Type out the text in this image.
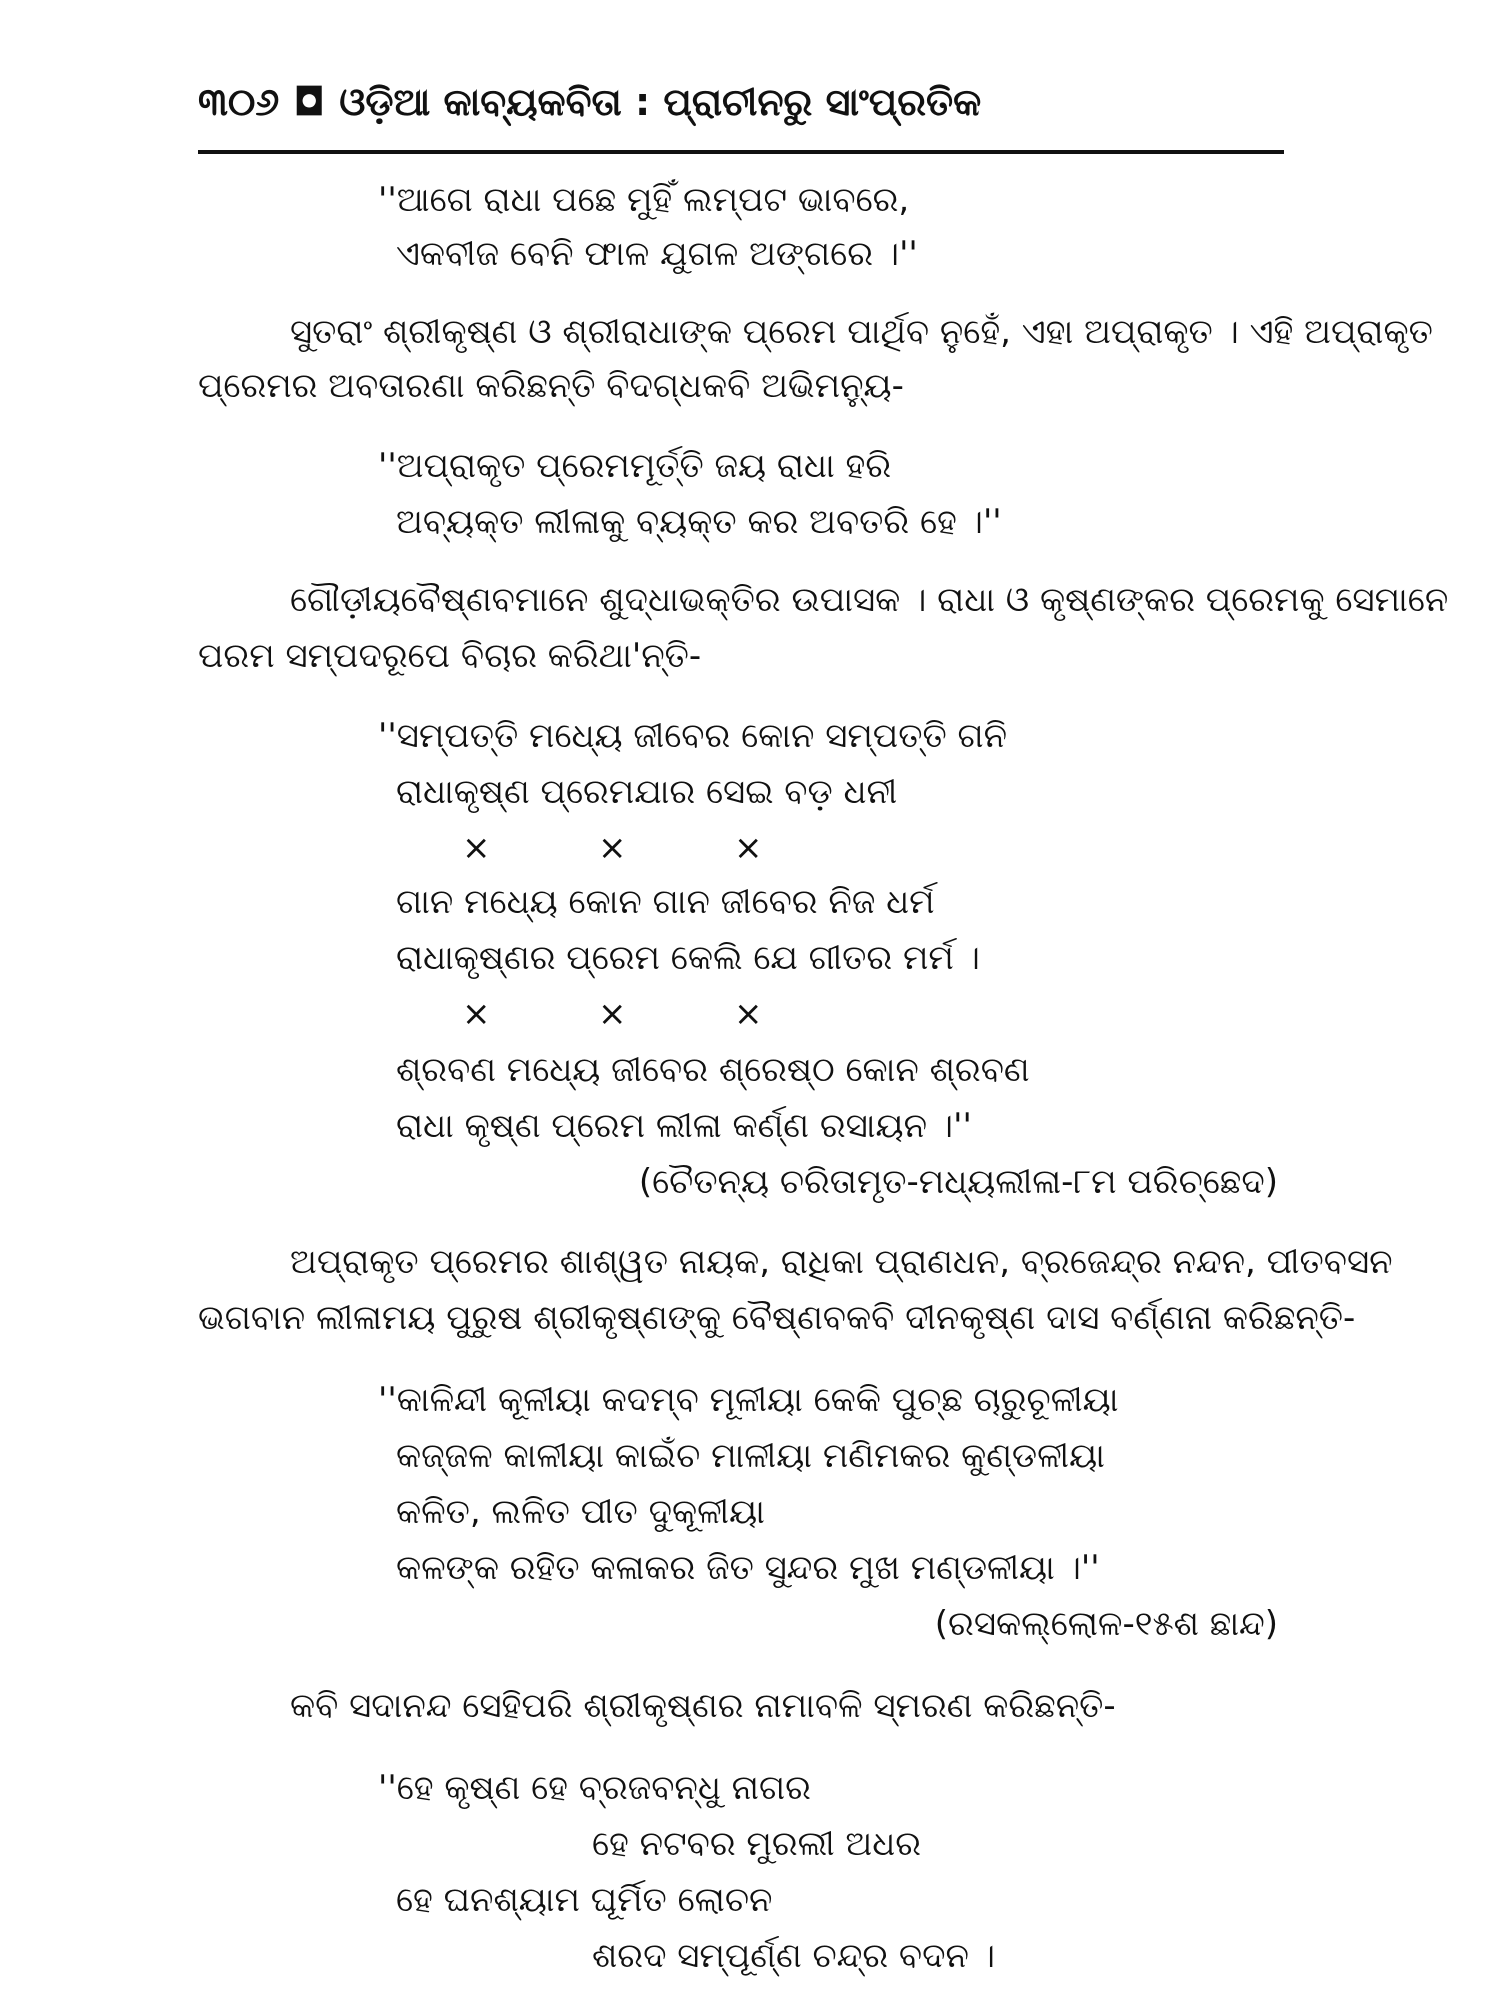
୩୦୬ ◘ ଓଡ଼ିଆ କାବ୍ୟକବିତା : ପ୍ରାଚୀନରୁ ସାଂପ୍ରତିକ
''ଆଗେ ରାଧା ପଛେ ମୁହିଁ ଲମ୍ପଟ ଭାବରେ,
ଏକବୀଜ ବେନି ଫାଳ ଯୁଗଳ ଅଙ୍ଗରେ ।''
ସୁତରାଂ ଶ୍ରୀକୃଷ୍ଣ ଓ ଶ୍ରୀରାଧାଙ୍କ ପ୍ରେମ ପାର୍ଥିବ ନୁହେଁ, ଏହା ଅପ୍ରାକୃତ । ଏହି ଅପ୍ରାକୃତ
ପ୍ରେମର ଅବତାରଣା କରିଛନ୍ତି ବିଦଗ୍ଧକବି ଅଭିମନ୍ୟୁ-
''ଅପ୍ରାକୃତ ପ୍ରେମମୂର୍ତ୍ତି ଜୟ ରାଧା ହରି
ଅବ୍ୟକ୍ତ ଲୀଳାକୁ ବ୍ୟକ୍ତ କର ଅବତରି ହେ ।''
ଗୌଡ଼ୀୟବୈଷ୍ଣବମାନେ ଶୁଦ୍ଧାଭକ୍ତିର ଉପାସକ । ରାଧା ଓ କୃଷ୍ଣଙ୍କର ପ୍ରେମକୁ ସେମାନେ
ପରମ ସମ୍ପଦରୂପେ ବିଚାର କରିଥା'ନ୍ତି-
''ସମ୍ପତ୍ତି ମଧ୍ୟେ ଜୀବେର କୋନ ସମ୍ପତ୍ତି ଗନି
ରାଧାକୃଷ୍ଣ ପ୍ରେମଯାର ସେଇ ବଡ଼ ଧନୀ
×	×	×
ଗାନ ମଧ୍ୟେ କୋନ ଗାନ ଜୀବେର ନିଜ ଧର୍ମ
ରାଧାକୃଷ୍ଣର ପ୍ରେମ କେଲି ଯେ ଗୀତର ମର୍ମ ।
×	×	×
ଶ୍ରବଣ ମଧ୍ୟେ ଜୀବେର ଶ୍ରେଷ୍ଠ କୋନ ଶ୍ରବଣ
ରାଧା କୃଷ୍ଣ ପ୍ରେମ ଲୀଳା କର୍ଣ୍ଣ ରସାୟନ ।''
(ଚୈତନ୍ୟ ଚରିତାମୃତ-ମଧ୍ୟଲୀଳା-୮ମ ପରିଚ୍ଛେଦ)
ଅପ୍ରାକୃତ ପ୍ରେମର ଶାଶ୍ୱତ ନାୟକ, ରାଧିକା ପ୍ରାଣଧନ, ବ୍ରଜେନ୍ଦ୍ର ନନ୍ଦନ, ପୀତବସନ
ଭଗବାନ ଲୀଳାମୟ ପୁରୁଷ ଶ୍ରୀକୃଷ୍ଣଙ୍କୁ ବୈଷ୍ଣବକବି ଦୀନକୃଷ୍ଣ ଦାସ ବର୍ଣ୍ଣନା କରିଛନ୍ତି-
''କାଳିନ୍ଦୀ କୂଳୀୟା କଦମ୍ବ ମୂଳୀୟା କେକି ପୁଚ୍ଛ ଚାରୁଚୂଳୀୟା
କଜ୍ଜଳ କାଳୀୟା କାଇଁଚ ମାଳୀୟା ମଣିମକର କୁଣ୍ଡଳୀୟା
କଳିତ, ଲଳିତ ପୀତ ଦୁକୂଳୀୟା
କଳଙ୍କ ରହିତ କଳାକର ଜିତ ସୁନ୍ଦର ମୁଖ ମଣ୍ଡଳୀୟା ।''
(ରସକଲ୍ଲୋଳ-୧୫ଶ ଛାନ୍ଦ)
କବି ସଦାନନ୍ଦ ସେହିପରି ଶ୍ରୀକୃଷ୍ଣର ନାମାବଳି ସ୍ମରଣ କରିଛନ୍ତି-
''ହେ କୃଷ୍ଣ ହେ ବ୍ରଜବନ୍ଧୁ ନାଗର
ହେ ନଟବର ମୁରଲୀ ଅଧର
ହେ ଘନଶ୍ୟାମ ଘୂର୍ମିତ ଲୋଚନ
ଶରଦ ସମ୍ପୂର୍ଣ୍ଣ ଚନ୍ଦ୍ର ବଦନ ।
